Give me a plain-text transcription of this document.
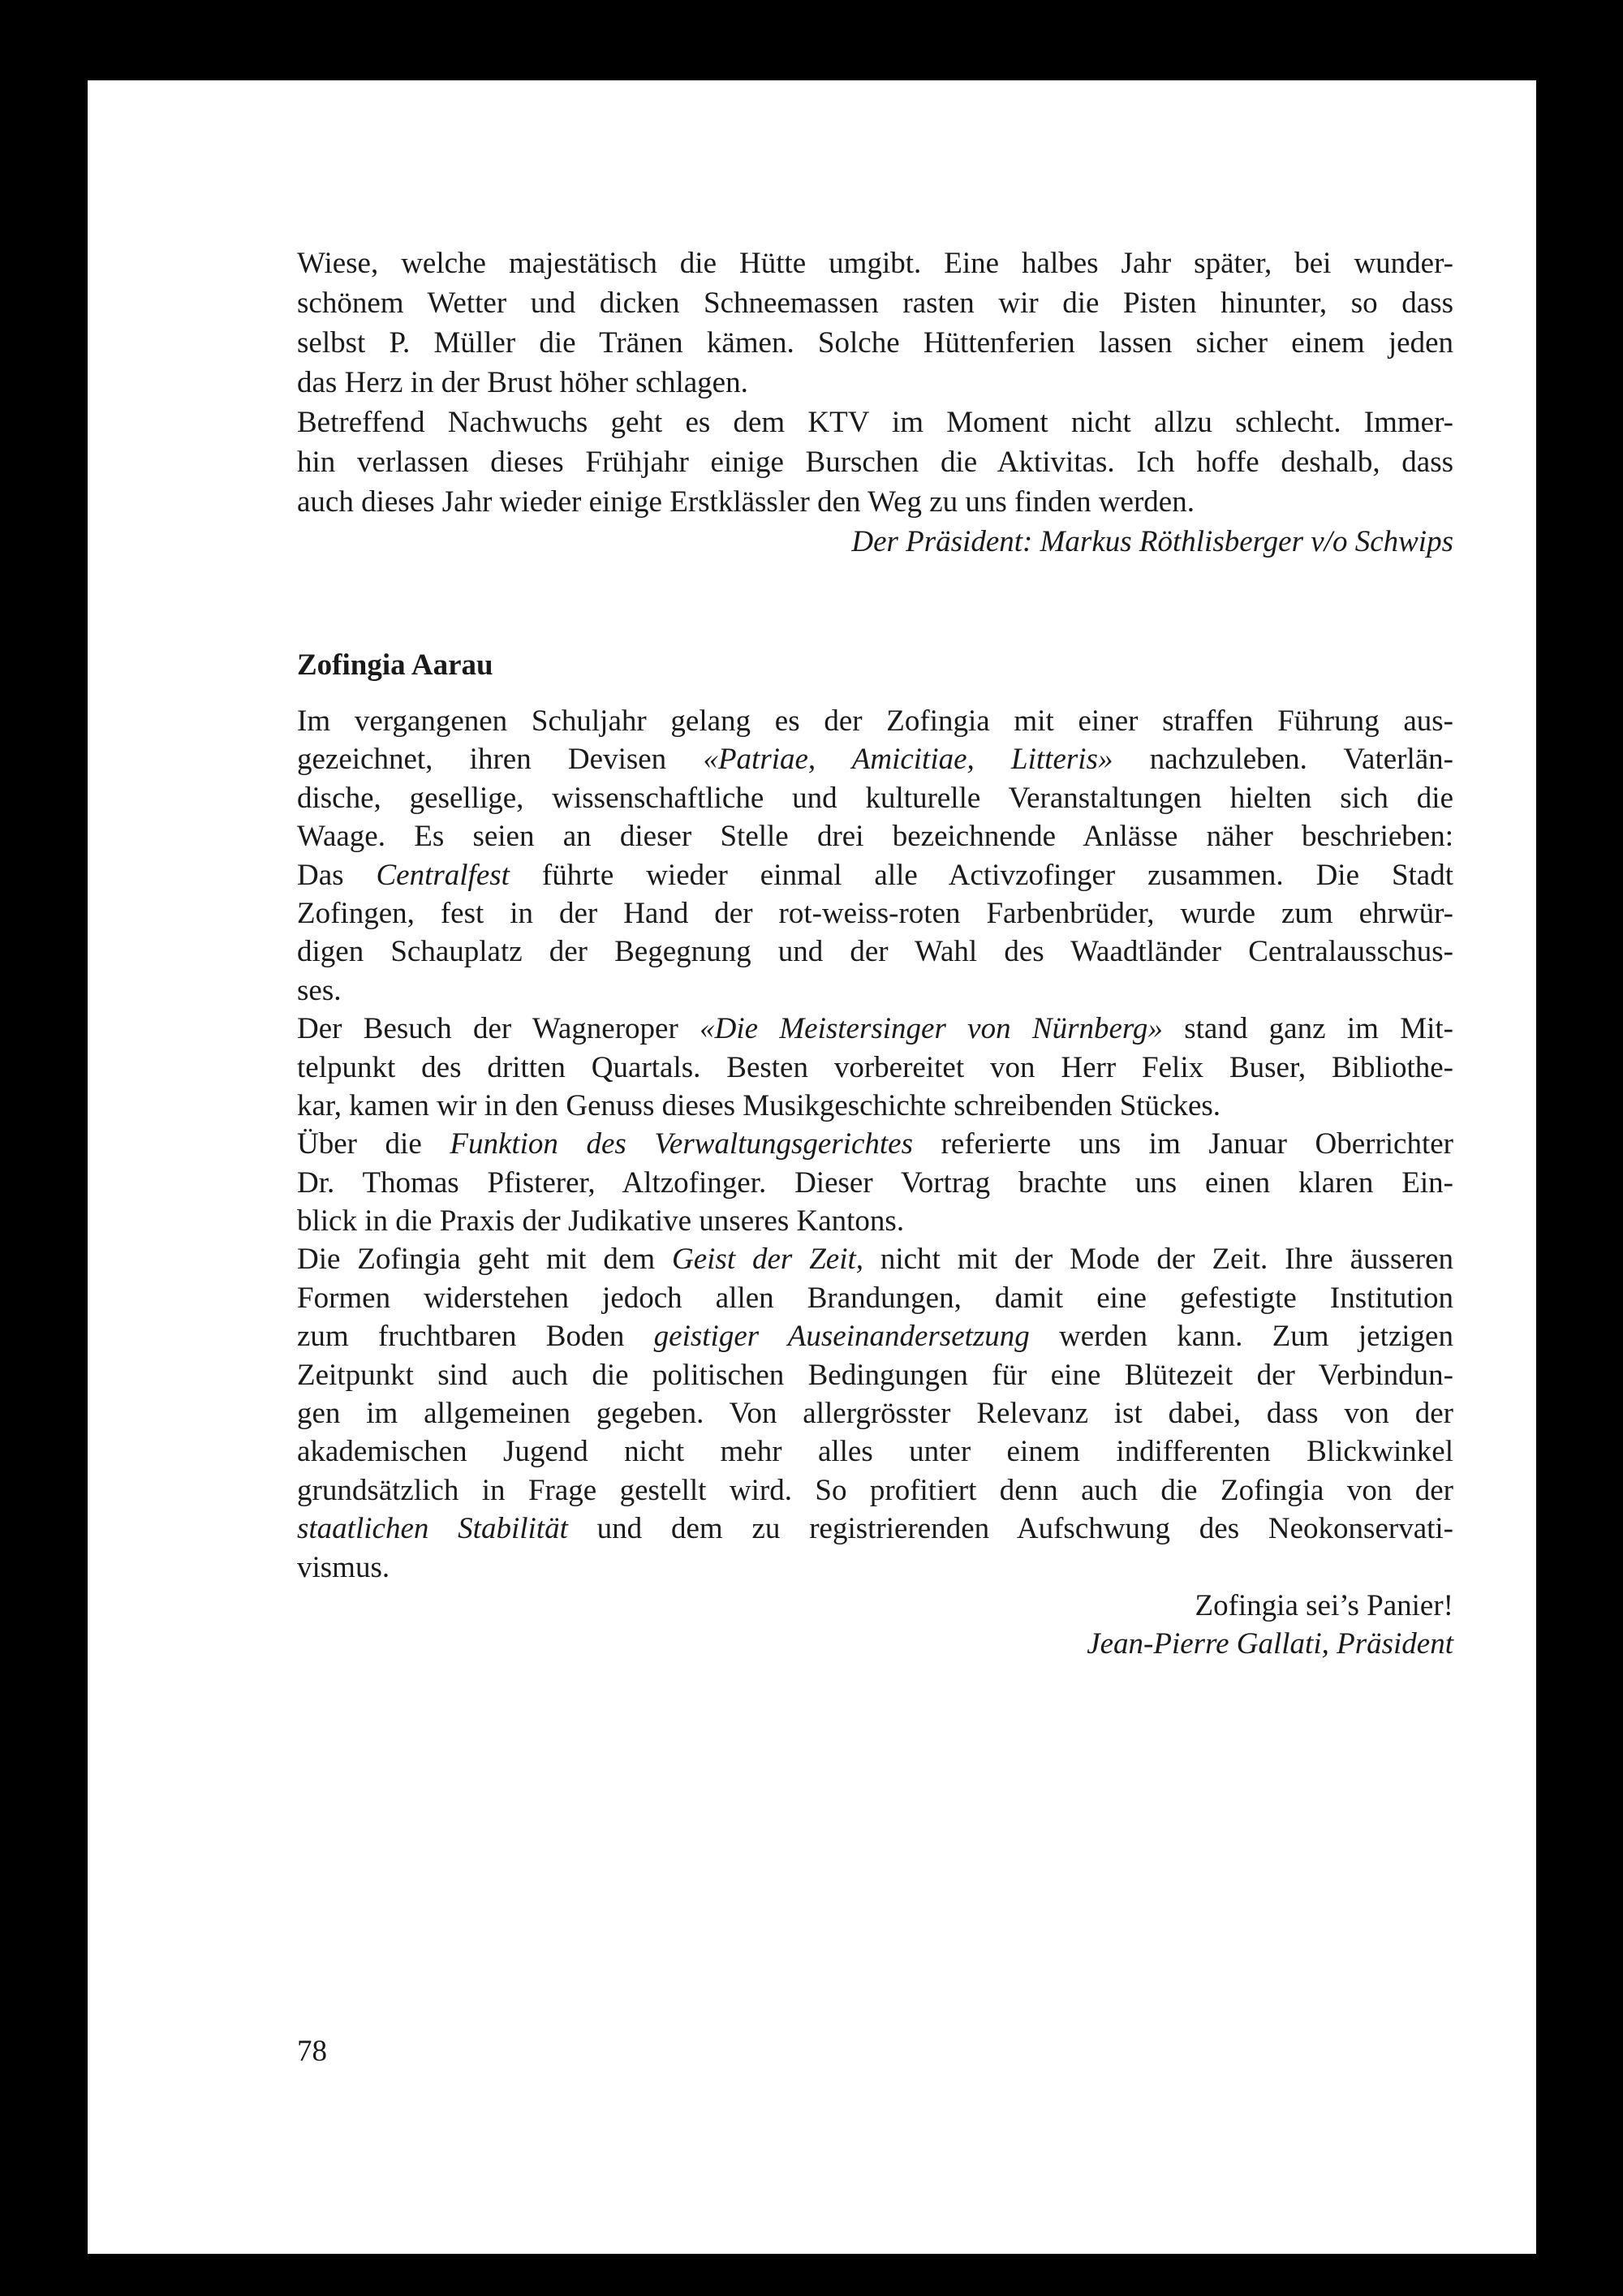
Wiese, welche majestätisch die Hütte umgibt. Eine halbes Jahr später, bei wunder-
schönem Wetter und dicken Schneemassen rasten wir die Pisten hinunter, so dass
selbst P. Müller die Tränen kämen. Solche Hüttenferien lassen sicher einem jeden
das Herz in der Brust höher schlagen.
Betreffend Nachwuchs geht es dem KTV im Moment nicht allzu schlecht. Immer-
hin verlassen dieses Frühjahr einige Burschen die Aktivitas. Ich hoffe deshalb, dass
auch dieses Jahr wieder einige Erstklässler den Weg zu uns finden werden.
Der Präsident: Markus Röthlisberger v/o Schwips
Zofingia Aarau
Im vergangenen Schuljahr gelang es der Zofingia mit einer straffen Führung aus-
gezeichnet, ihren Devisen «Patriae, Amicitiae, Litteris» nachzuleben. Vaterlän-
dische, gesellige, wissenschaftliche und kulturelle Veranstaltungen hielten sich die
Waage. Es seien an dieser Stelle drei bezeichnende Anlässe näher beschrieben:
Das Centralfest führte wieder einmal alle Activzofinger zusammen. Die Stadt
Zofingen, fest in der Hand der rot-weiss-roten Farbenbrüder, wurde zum ehrwür-
digen Schauplatz der Begegnung und der Wahl des Waadtländer Centralausschus-
ses.
Der Besuch der Wagneroper «Die Meistersinger von Nürnberg» stand ganz im Mit-
telpunkt des dritten Quartals. Besten vorbereitet von Herr Felix Buser, Bibliothe-
kar, kamen wir in den Genuss dieses Musikgeschichte schreibenden Stückes.
Über die Funktion des Verwaltungsgerichtes referierte uns im Januar Oberrichter
Dr. Thomas Pfisterer, Altzofinger. Dieser Vortrag brachte uns einen klaren Ein-
blick in die Praxis der Judikative unseres Kantons.
Die Zofingia geht mit dem Geist der Zeit, nicht mit der Mode der Zeit. Ihre äusseren
Formen widerstehen jedoch allen Brandungen, damit eine gefestigte Institution
zum fruchtbaren Boden geistiger Auseinandersetzung werden kann. Zum jetzigen
Zeitpunkt sind auch die politischen Bedingungen für eine Blütezeit der Verbindun-
gen im allgemeinen gegeben. Von allergrösster Relevanz ist dabei, dass von der
akademischen Jugend nicht mehr alles unter einem indifferenten Blickwinkel
grundsätzlich in Frage gestellt wird. So profitiert denn auch die Zofingia von der
staatlichen Stabilität und dem zu registrierenden Aufschwung des Neokonservati-
vismus.
Zofingia sei’s Panier!
Jean-Pierre Gallati, Präsident
78
